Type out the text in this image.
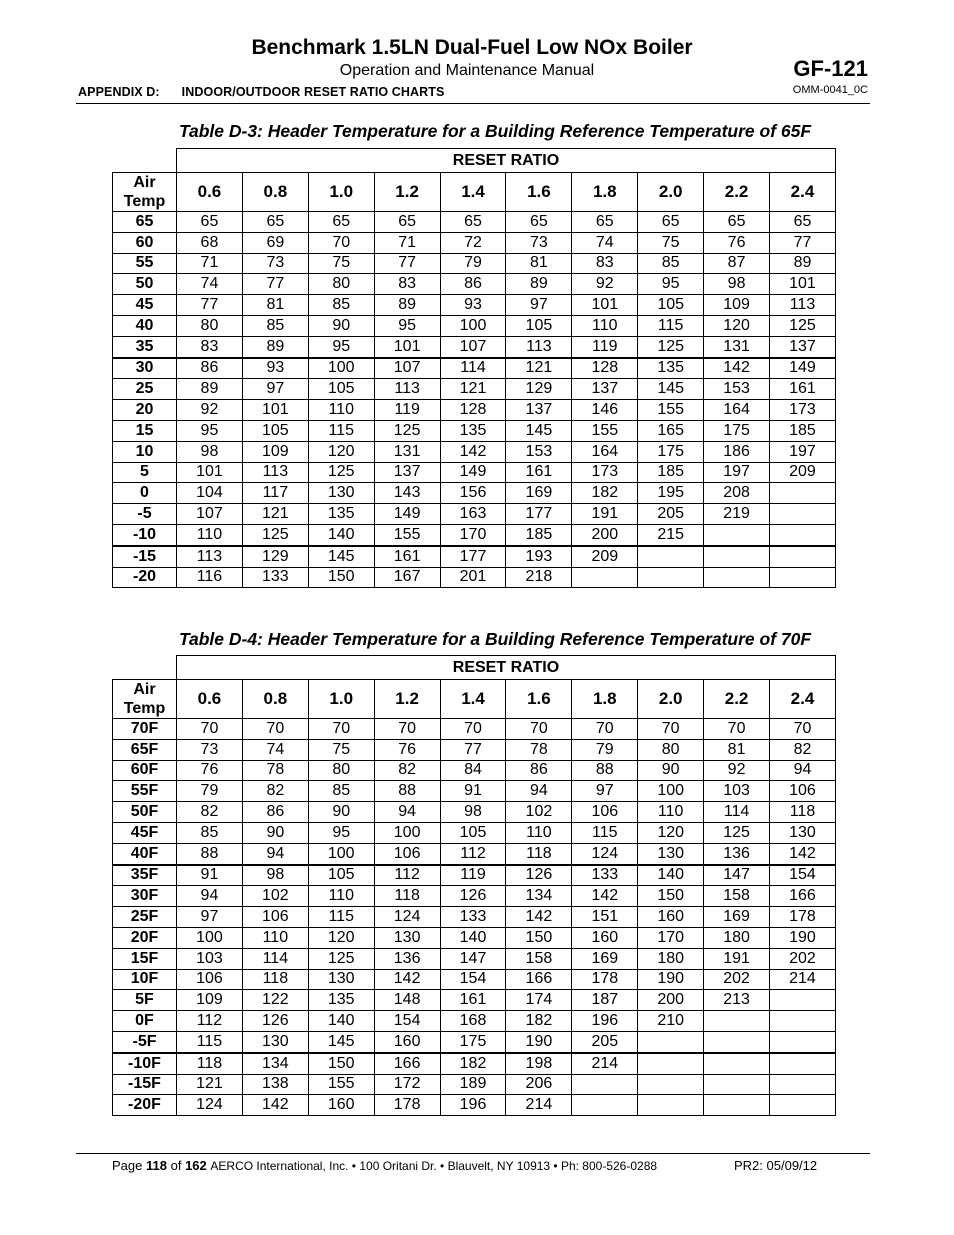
Benchmark 1.5LN Dual-Fuel Low NOx Boiler
Operation and Maintenance Manual
APPENDIX D: INDOOR/OUTDOOR RESET RATIO CHARTS
GF-121
OMM-0041_0C
Table D-3: Header Temperature for a Building Reference Temperature of 65F
	RESET RATIO									
Air Temp	0.6	0.8	1.0	1.2	1.4	1.6	1.8	2.0	2.2	2.4
65	65	65	65	65	65	65	65	65	65	65
60	68	69	70	71	72	73	74	75	76	77
55	71	73	75	77	79	81	83	85	87	89
50	74	77	80	83	86	89	92	95	98	101
45	77	81	85	89	93	97	101	105	109	113
40	80	85	90	95	100	105	110	115	120	125
35	83	89	95	101	107	113	119	125	131	137
30	86	93	100	107	114	121	128	135	142	149
25	89	97	105	113	121	129	137	145	153	161
20	92	101	110	119	128	137	146	155	164	173
15	95	105	115	125	135	145	155	165	175	185
10	98	109	120	131	142	153	164	175	186	197
5	101	113	125	137	149	161	173	185	197	209
0	104	117	130	143	156	169	182	195	208	
-5	107	121	135	149	163	177	191	205	219	
-10	110	125	140	155	170	185	200	215		
-15	113	129	145	161	177	193	209			
-20	116	133	150	167	201	218				
Table D-4: Header Temperature for a Building Reference Temperature of 70F
	RESET RATIO									
Air Temp	0.6	0.8	1.0	1.2	1.4	1.6	1.8	2.0	2.2	2.4
70F	70	70	70	70	70	70	70	70	70	70
65F	73	74	75	76	77	78	79	80	81	82
60F	76	78	80	82	84	86	88	90	92	94
55F	79	82	85	88	91	94	97	100	103	106
50F	82	86	90	94	98	102	106	110	114	118
45F	85	90	95	100	105	110	115	120	125	130
40F	88	94	100	106	112	118	124	130	136	142
35F	91	98	105	112	119	126	133	140	147	154
30F	94	102	110	118	126	134	142	150	158	166
25F	97	106	115	124	133	142	151	160	169	178
20F	100	110	120	130	140	150	160	170	180	190
15F	103	114	125	136	147	158	169	180	191	202
10F	106	118	130	142	154	166	178	190	202	214
5F	109	122	135	148	161	174	187	200	213	
0F	112	126	140	154	168	182	196	210		
-5F	115	130	145	160	175	190	205			
-10F	118	134	150	166	182	198	214			
-15F	121	138	155	172	189	206				
-20F	124	142	160	178	196	214				
Page 118 of 162 AERCO International, Inc. • 100 Oritani Dr. • Blauvelt, NY 10913 • Ph: 800-526-0288	PR2: 05/09/12
